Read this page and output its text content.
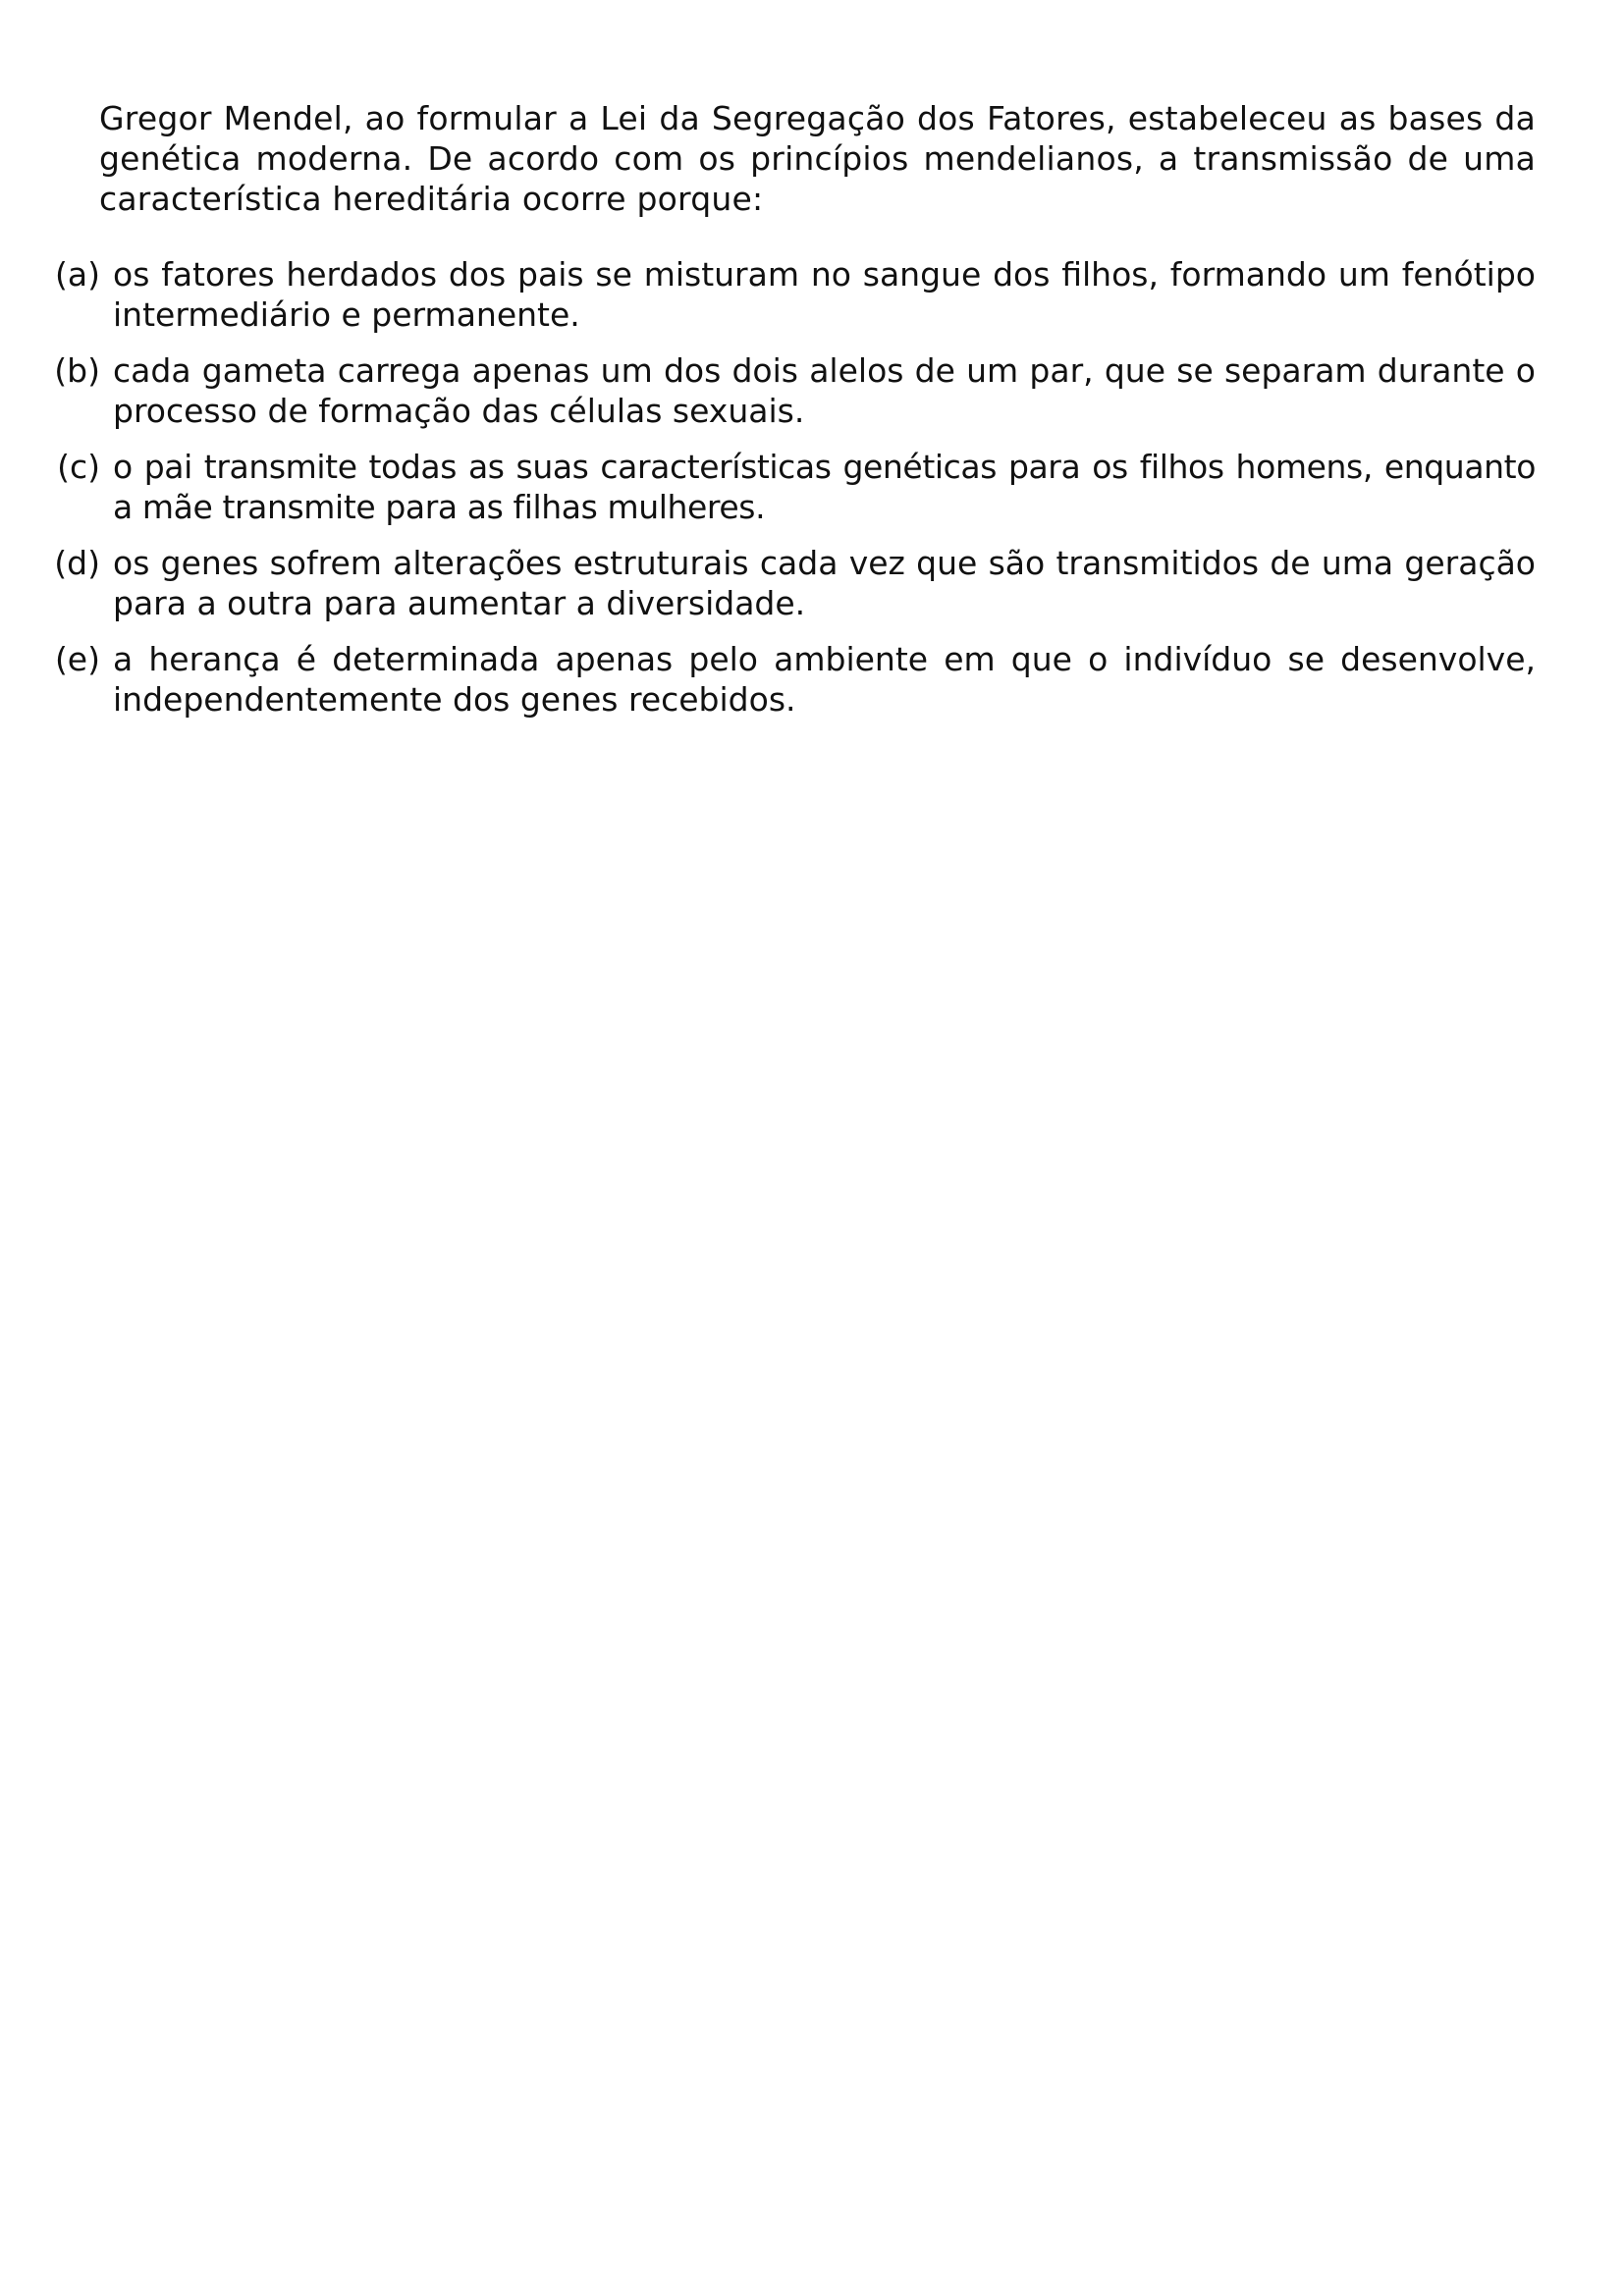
Gregor Mendel, ao formular a Lei da Segregação dos Fatores, estabeleceu as bases da genética moderna. De acordo com os princípios mendelianos, a transmissão de uma característica hereditária ocorre porque:

(a) os fatores herdados dos pais se misturam no sangue dos filhos, formando um fenótipo intermediário e permanente.
(b) cada gameta carrega apenas um dos dois alelos de um par, que se separam durante o processo de formação das células sexuais.
(c) o pai transmite todas as suas características genéticas para os filhos homens, enquanto a mãe transmite para as filhas mulheres.
(d) os genes sofrem alterações estruturais cada vez que são transmitidos de uma geração para a outra para aumentar a diversidade.
(e) a herança é determinada apenas pelo ambiente em que o indivíduo se desenvolve, independentemente dos genes recebidos.
